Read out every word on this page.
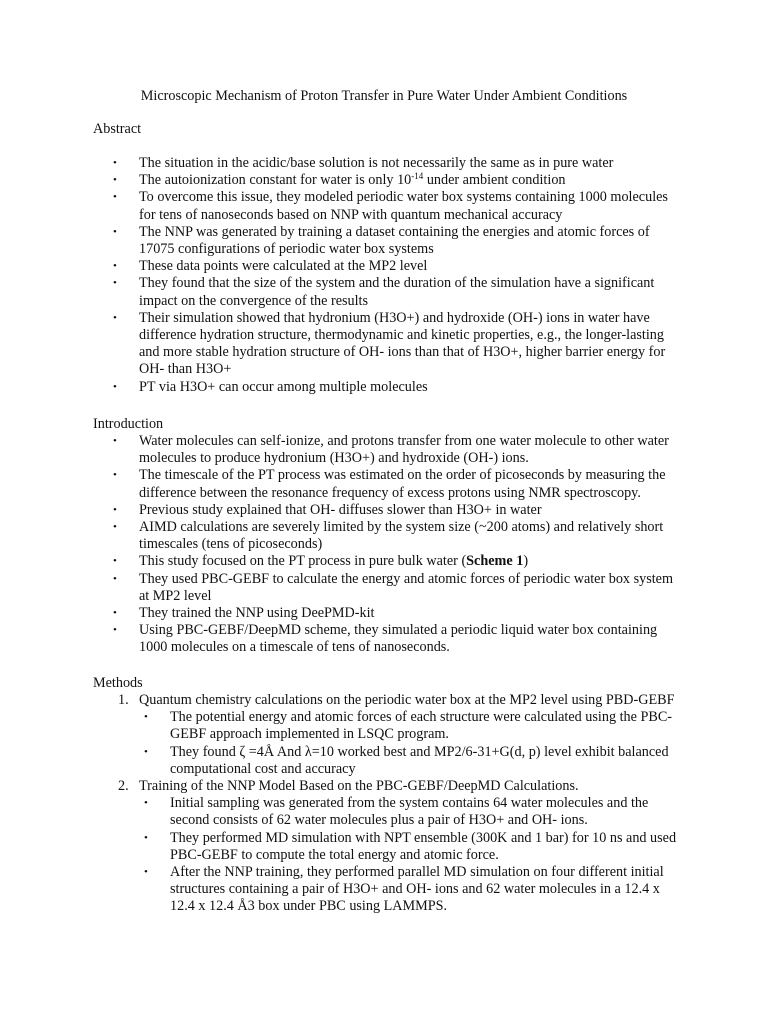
Microscopic Mechanism of Proton Transfer in Pure Water Under Ambient Conditions
Abstract
• The situation in the acidic/base solution is not necessarily the same as in pure water
• The autoionization constant for water is only $10^{-14}$ under ambient condition
• To overcome this issue, they modeled periodic water box systems containing 1000 molecules for tens of nanoseconds based on NNP with quantum mechanical accuracy
• The NNP was generated by training a dataset containing the energies and atomic forces of 17075 configurations of periodic water box systems
• These data points were calculated at the MP2 level
• They found that the size of the system and the duration of the simulation have a significant impact on the convergence of the results
• Their simulation showed that hydronium (H3O+) and hydroxide (OH-) ions in water have difference hydration structure, thermodynamic and kinetic properties, e.g., the longer-lasting and more stable hydration structure of OH- ions than that of H3O+, higher barrier energy for OH- than H3O+
• PT via H3O+ can occur among multiple molecules
Introduction
• Water molecules can self-ionize, and protons transfer from one water molecule to other water molecules to produce hydronium (H3O+) and hydroxide (OH-) ions.
• The timescale of the PT process was estimated on the order of picoseconds by measuring the difference between the resonance frequency of excess protons using NMR spectroscopy.
• Previous study explained that OH- diffuses slower than H3O+ in water
• AIMD calculations are severely limited by the system size (~200 atoms) and relatively short timescales (tens of picoseconds)
• This study focused on the PT process in pure bulk water (Scheme 1)
• They used PBC-GEBF to calculate the energy and atomic forces of periodic water box system at MP2 level
• They trained the NNP using DeePMD-kit
• Using PBC-GEBF/DeepMD scheme, they simulated a periodic liquid water box containing 1000 molecules on a timescale of tens of nanoseconds.
Methods
1. Quantum chemistry calculations on the periodic water box at the MP2 level using PBD-GEBF
• The potential energy and atomic forces of each structure were calculated using the PBC-GEBF approach implemented in LSQC program.
• They found ζ =4Å And λ=10 worked best and MP2/6-31+G(d, p) level exhibit balanced computational cost and accuracy
2. Training of the NNP Model Based on the PBC-GEBF/DeepMD Calculations.
• Initial sampling was generated from the system contains 64 water molecules and the second consists of 62 water molecules plus a pair of H3O+ and OH- ions.
• They performed MD simulation with NPT ensemble (300K and 1 bar) for 10 ns and used PBC-GEBF to compute the total energy and atomic force.
• After the NNP training, they performed parallel MD simulation on four different initial structures containing a pair of H3O+ and OH- ions and 62 water molecules in a 12.4 x 12.4 x 12.4 Å3 box under PBC using LAMMPS.
